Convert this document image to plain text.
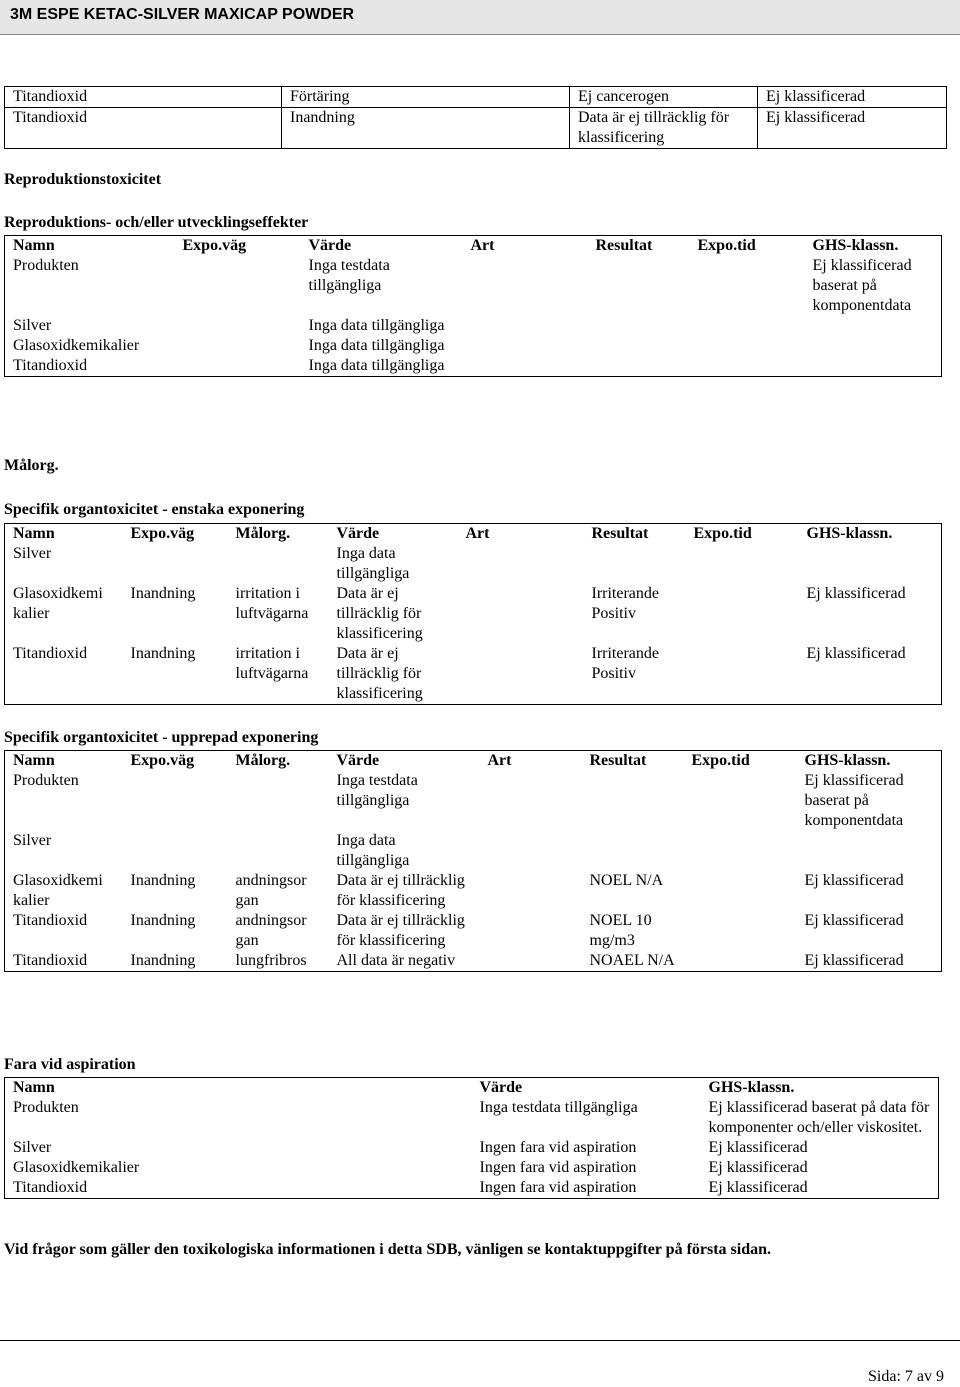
3M ESPE KETAC-SILVER MAXICAP POWDER
Titandioxid	Förtäring	Ej cancerogen	Ej klassificerad
Titandioxid	Inandning	Data är ej tillräcklig för klassificering	Ej klassificerad
Reproduktionstoxicitet
Reproduktions- och/eller utvecklingseffekter
Namn	Expo.väg	Värde	Art	Resultat	Expo.tid	GHS-klassn.
Produkten		Inga testdata tillgängliga				Ej klassificerad baserat på komponentdata
Silver		Inga data tillgängliga				
Glasoxidkemikalier		Inga data tillgängliga				
Titandioxid		Inga data tillgängliga				
Målorg.
Specifik organtoxicitet - enstaka exponering
Namn	Expo.väg	Målorg.	Värde	Art	Resultat	Expo.tid	GHS-klassn.
Silver			Inga data tillgängliga				
Glasoxidkemi kalier	Inandning	irritation i luftvägarna	Data är ej tillräcklig för klassificering		Irriterande Positiv		Ej klassificerad
Titandioxid	Inandning	irritation i luftvägarna	Data är ej tillräcklig för klassificering		Irriterande Positiv		Ej klassificerad
Specifik organtoxicitet - upprepad exponering
Namn	Expo.väg	Målorg.	Värde	Art	Resultat	Expo.tid	GHS-klassn.
Produkten			Inga testdata tillgängliga				Ej klassificerad baserat på komponentdata
Silver			Inga data tillgängliga				
Glasoxidkemi kalier	Inandning	andningsor gan	Data är ej tillräcklig för klassificering		NOEL N/A		Ej klassificerad
Titandioxid	Inandning	andningsor gan	Data är ej tillräcklig för klassificering		NOEL 10 mg/m3		Ej klassificerad
Titandioxid	Inandning	lungfribros	All data är negativ		NOAEL N/A		Ej klassificerad
Fara vid aspiration
Namn	Värde	GHS-klassn.
Produkten	Inga testdata tillgängliga	Ej klassificerad baserat på data för komponenter och/eller viskositet.
Silver	Ingen fara vid aspiration	Ej klassificerad
Glasoxidkemikalier	Ingen fara vid aspiration	Ej klassificerad
Titandioxid	Ingen fara vid aspiration	Ej klassificerad
Vid frågor som gäller den toxikologiska informationen i detta SDB, vänligen se kontaktuppgifter på första sidan.
Sida: 7 av 9
